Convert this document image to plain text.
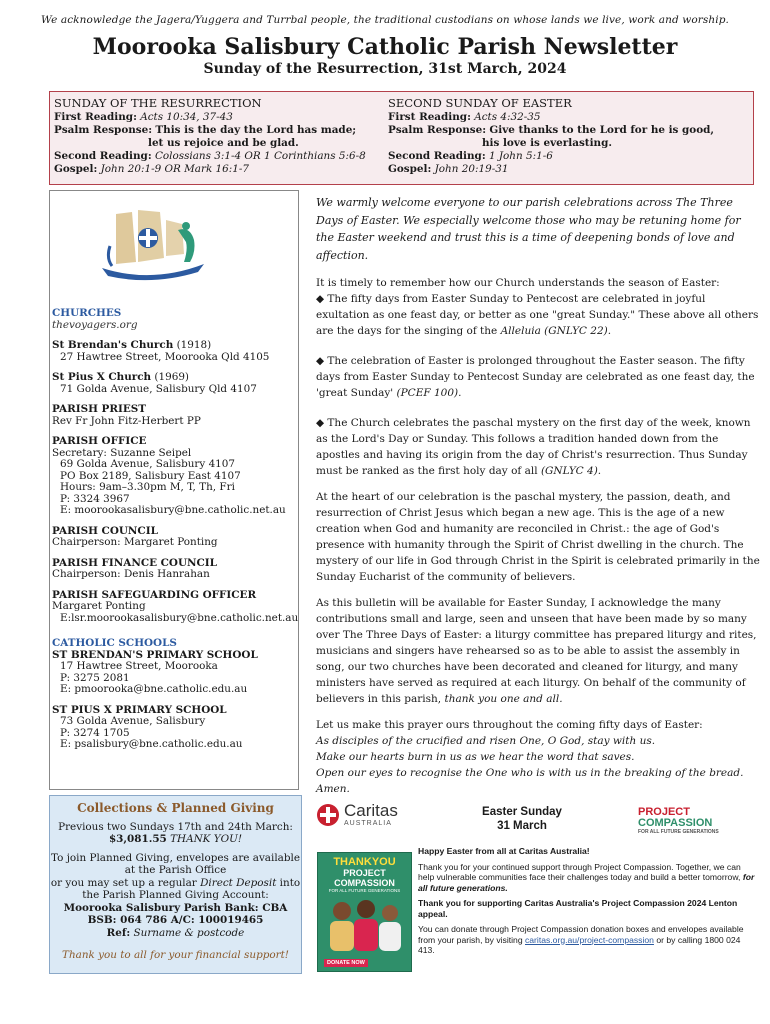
We acknowledge the Jagera/Yuggera and Turrbal people, the traditional custodians on whose lands we live, work and worship.
Moorooka Salisbury Catholic Parish Newsletter
Sunday of the Resurrection, 31st March, 2024
SUNDAY OF THE RESURRECTION
First Reading: Acts 10:34, 37-43
Psalm Response: This is the day the Lord has made;
let us rejoice and be glad.
Second Reading: Colossians 3:1-4 OR 1 Corinthians 5:6-8
Gospel: John 20:1-9 OR Mark 16:1-7
SECOND SUNDAY OF EASTER
First Reading: Acts 4:32-35
Psalm Response: Give thanks to the Lord for he is good,
his love is everlasting.
Second Reading: 1 John 5:1-6
Gospel: John 20:19-31
CHURCHES
thevoyagers.org
St Brendan's Church (1918)
27 Hawtree Street, Moorooka Qld 4105
St Pius X Church (1969)
71 Golda Avenue, Salisbury Qld 4107
PARISH PRIEST
Rev Fr John Fitz-Herbert PP
PARISH OFFICE
Secretary: Suzanne Seipel
69 Golda Avenue, Salisbury 4107
PO Box 2189, Salisbury East 4107
Hours: 9am–3.30pm M, T, Th, Fri
P: 3324 3967
E: moorookasalisbury@bne.catholic.net.au
PARISH COUNCIL
Chairperson: Margaret Ponting
PARISH FINANCE COUNCIL
Chairperson: Denis Hanrahan
PARISH SAFEGUARDING OFFICER
Margaret Ponting
E:lsr.moorookasalisbury@bne.catholic.net.au
CATHOLIC SCHOOLS
ST BRENDAN'S PRIMARY SCHOOL
17 Hawtree Street, Moorooka
P: 3275 2081
E: pmoorooka@bne.catholic.edu.au
ST PIUS X PRIMARY SCHOOL
73 Golda Avenue, Salisbury
P: 3274 1705
E: psalisbury@bne.catholic.edu.au

We warmly welcome everyone to our parish celebrations across The Three Days of Easter. We especially welcome those who may be retuning home for the Easter weekend and trust this is a time of deepening bonds of love and affection.

It is timely to remember how our Church understands the season of Easter:

◆ The fifty days from Easter Sunday to Pentecost are celebrated in joyful exultation as one feast day, or better as one "great Sunday." These above all others are the days for the singing of the Alleluia (GNLYC 22).

◆ The celebration of Easter is prolonged throughout the Easter season. The fifty days from Easter Sunday to Pentecost Sunday are celebrated as one feast day, the 'great Sunday' (PCEF 100).

◆ The Church celebrates the paschal mystery on the first day of the week, known as the Lord's Day or Sunday. This follows a tradition handed down from the apostles and having its origin from the day of Christ's resurrection. Thus Sunday must be ranked as the first holy day of all (GNLYC 4).

At the heart of our celebration is the paschal mystery, the passion, death, and resurrection of Christ Jesus which began a new age. This is the age of a new creation when God and humanity are reconciled in Christ.: the age of God's presence with humanity through the Spirit of Christ dwelling in the church. The mystery of our life in God through Christ in the Spirit is celebrated primarily in the Sunday Eucharist of the community of believers.

As this bulletin will be available for Easter Sunday, I acknowledge the many contributions small and large, seen and unseen that have been made by so many over The Three Days of Easter: a liturgy committee has prepared liturgy and rites, musicians and singers have rehearsed so as to be able to assist the assembly in song, our two churches have been decorated and cleaned for liturgy, and many ministers have served as required at each liturgy. On behalf of the community of believers in this parish, thank you one and all.

Let us make this prayer ours throughout the coming fifty days of Easter:
As disciples of the crucified and risen One, O God, stay with us.
Make our hearts burn in us as we hear the word that saves.
Open our eyes to recognise the One who is with us in the breaking of the bread. Amen.
Collections & Planned Giving
Previous two Sundays 17th and 24th March:
$3,081.55 THANK YOU!
To join Planned Giving, envelopes are available at the Parish Office
or you may set up a regular Direct Deposit into the Parish Planned Giving Account:
Moorooka Salisbury Parish Bank: CBA
BSB: 064 786 A/C: 100019465
Ref: Surname & postcode
Thank you to all for your financial support!
Caritas
AUSTRALIA
Easter Sunday
31 March
PROJECT
COMPASSION
FOR ALL FUTURE GENERATIONS
THANKYOU
PROJECT
COMPASSION
FOR ALL FUTURE GENERATIONS
DONATE NOW

Happy Easter from all at Caritas Australia!

Thank you for your continued support through Project Compassion. Together, we can help vulnerable communities face their challenges today and build a better tomorrow, for all future generations.

Thank you for supporting Caritas Australia's Project Compassion 2024 Lenton appeal.

You can donate through Project Compassion donation boxes and envelopes available from your parish, by visiting caritas.org.au/project-compassion or by calling 1800 024 413.
